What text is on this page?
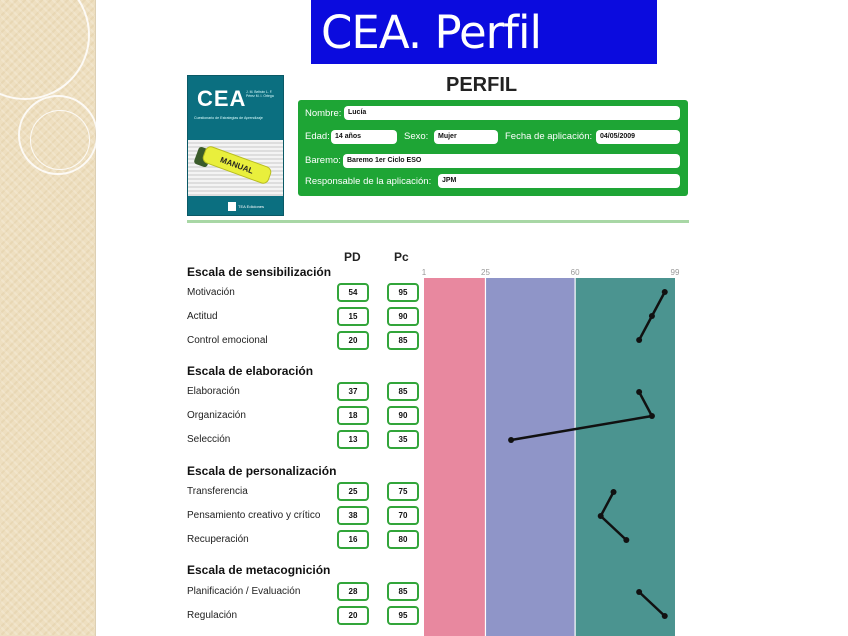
CEA. Perfil
CEA J. M. Beltrán L. F. Pérez M. I. Ortega
Cuestionario de Estrategias de Aprendizaje
MANUAL
TEA Ediciones
PERFIL
Nombre: Lucía
Edad: 14 años	Sexo:	Mujer	Fecha de aplicación:	04/05/2009
Baremo: Baremo 1er Ciclo ESO
Responsable de la aplicación:	JPM
PD	Pc
Escala de sensibilización
Motivación	54	95
Actitud	15	90
Control emocional	20	85
Escala de elaboración
Elaboración	37	85
Organización	18	90
Selección	13	35
Escala de personalización
Transferencia	25	75
Pensamiento creativo y crítico	38	70
Recuperación	16	80
Escala de metacognición
Planificación / Evaluación	28	85
Regulación	20	95
1	25	60	99
